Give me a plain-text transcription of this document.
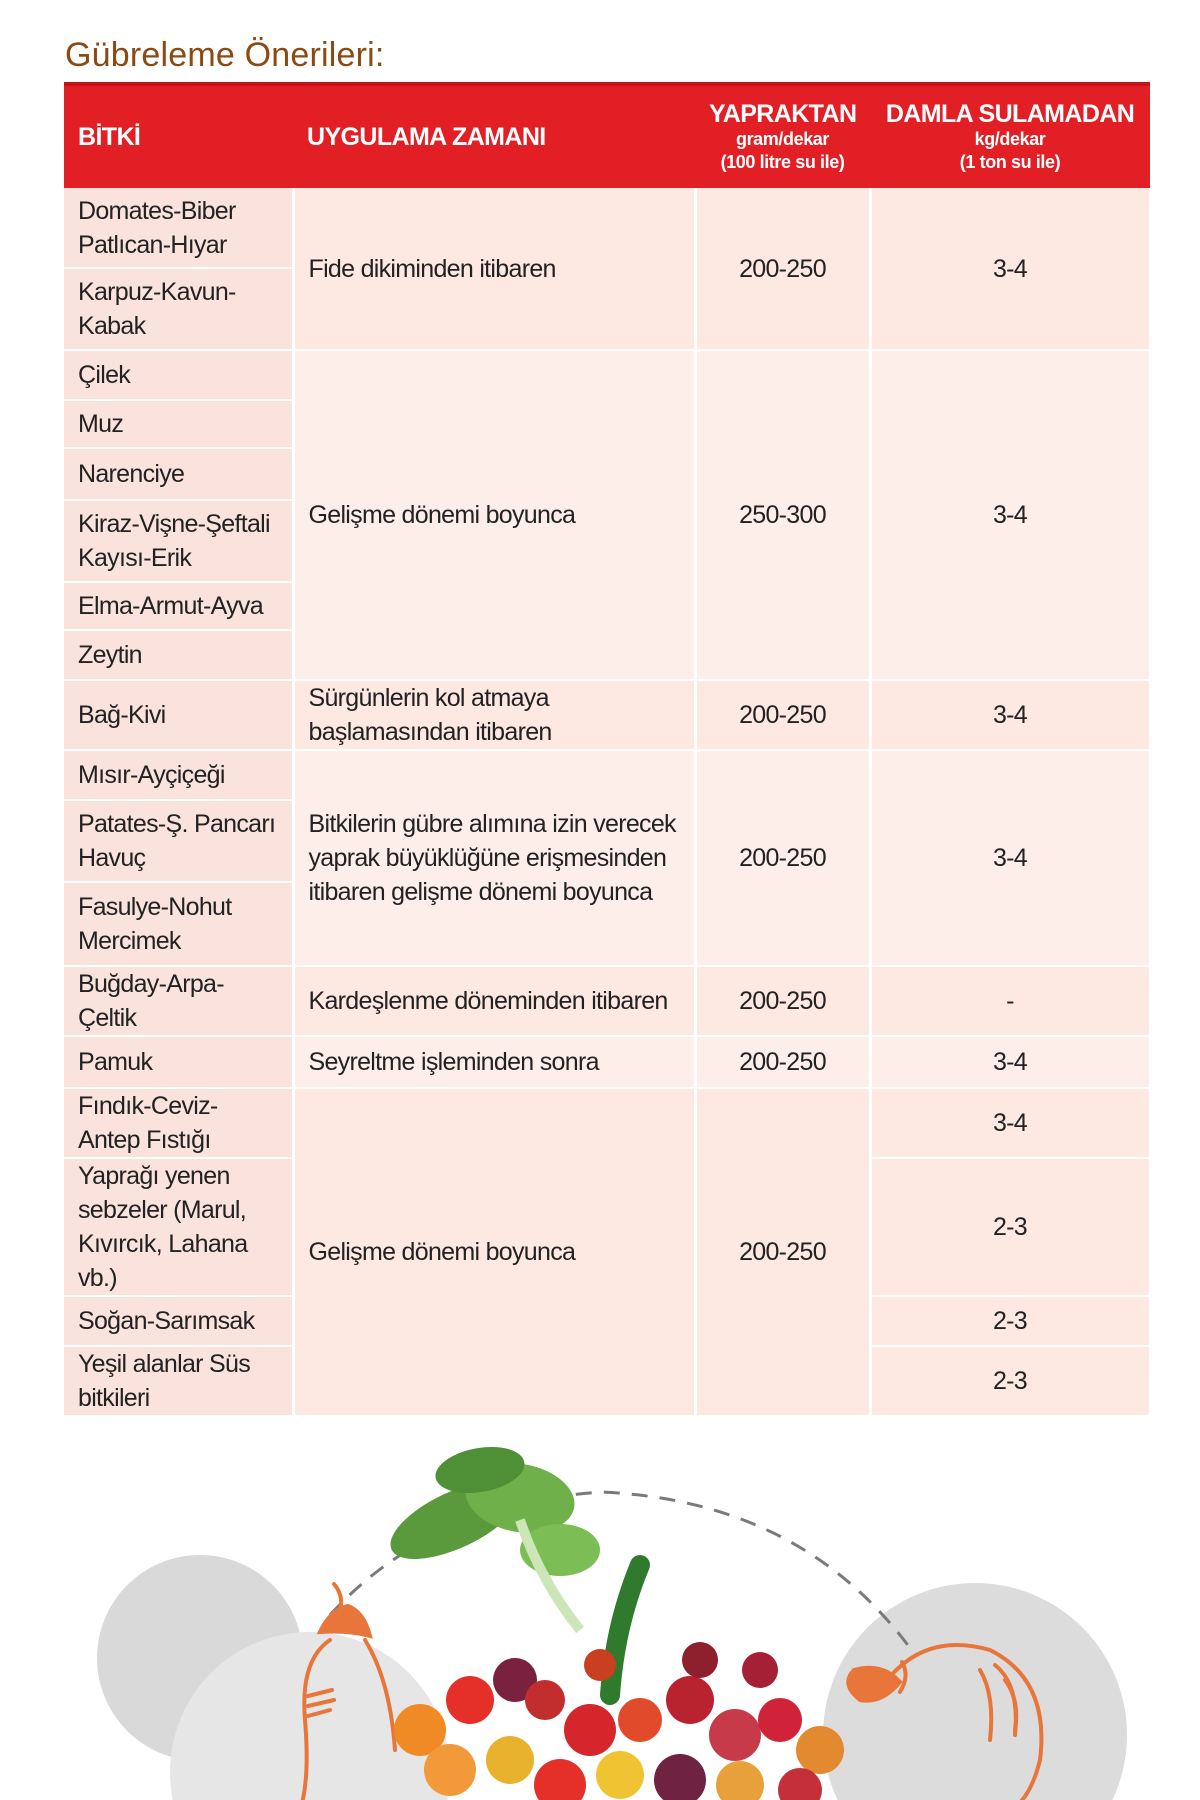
Gübreleme Önerileri:
BİTKİ	UYGULAMA ZAMANI	YAPRAKTAN
gram/dekar
(100 litre su ile)	DAMLA SULAMADAN
kg/dekar
(1 ton su ile)

Domates-Biber Patlıcan-Hıyar	Fide dikiminden itibaren	200-250	3-4
Karpuz-Kavun-Kabak			
Çilek	Gelişme dönemi boyunca	250-300	3-4
Muz			
Narenciye			
Kiraz-Vişne-Şeftali Kayısı-Erik			
Elma-Armut-Ayva			
Zeytin			
Bağ-Kivi	Sürgünlerin kol atmaya başlamasından itibaren	200-250	3-4
Mısır-Ayçiçeği	Bitkilerin gübre alımına izin verecek yaprak büyüklüğüne erişmesinden itibaren gelişme dönemi boyunca	200-250	3-4
Patates-Ş. Pancarı Havuç			
Fasulye-Nohut Mercimek			
Buğday-Arpa-Çeltik	Kardeşlenme döneminden itibaren	200-250	-
Pamuk	Seyreltme işleminden sonra	200-250	3-4
Fındık-Ceviz-Antep Fıstığı	Gelişme dönemi boyunca	200-250	3-4
Yaprağı yenen sebzeler (Marul, Kıvırcık, Lahana vb.)			2-3
Soğan-Sarımsak			2-3
Yeşil alanlar Süs bitkileri			2-3
